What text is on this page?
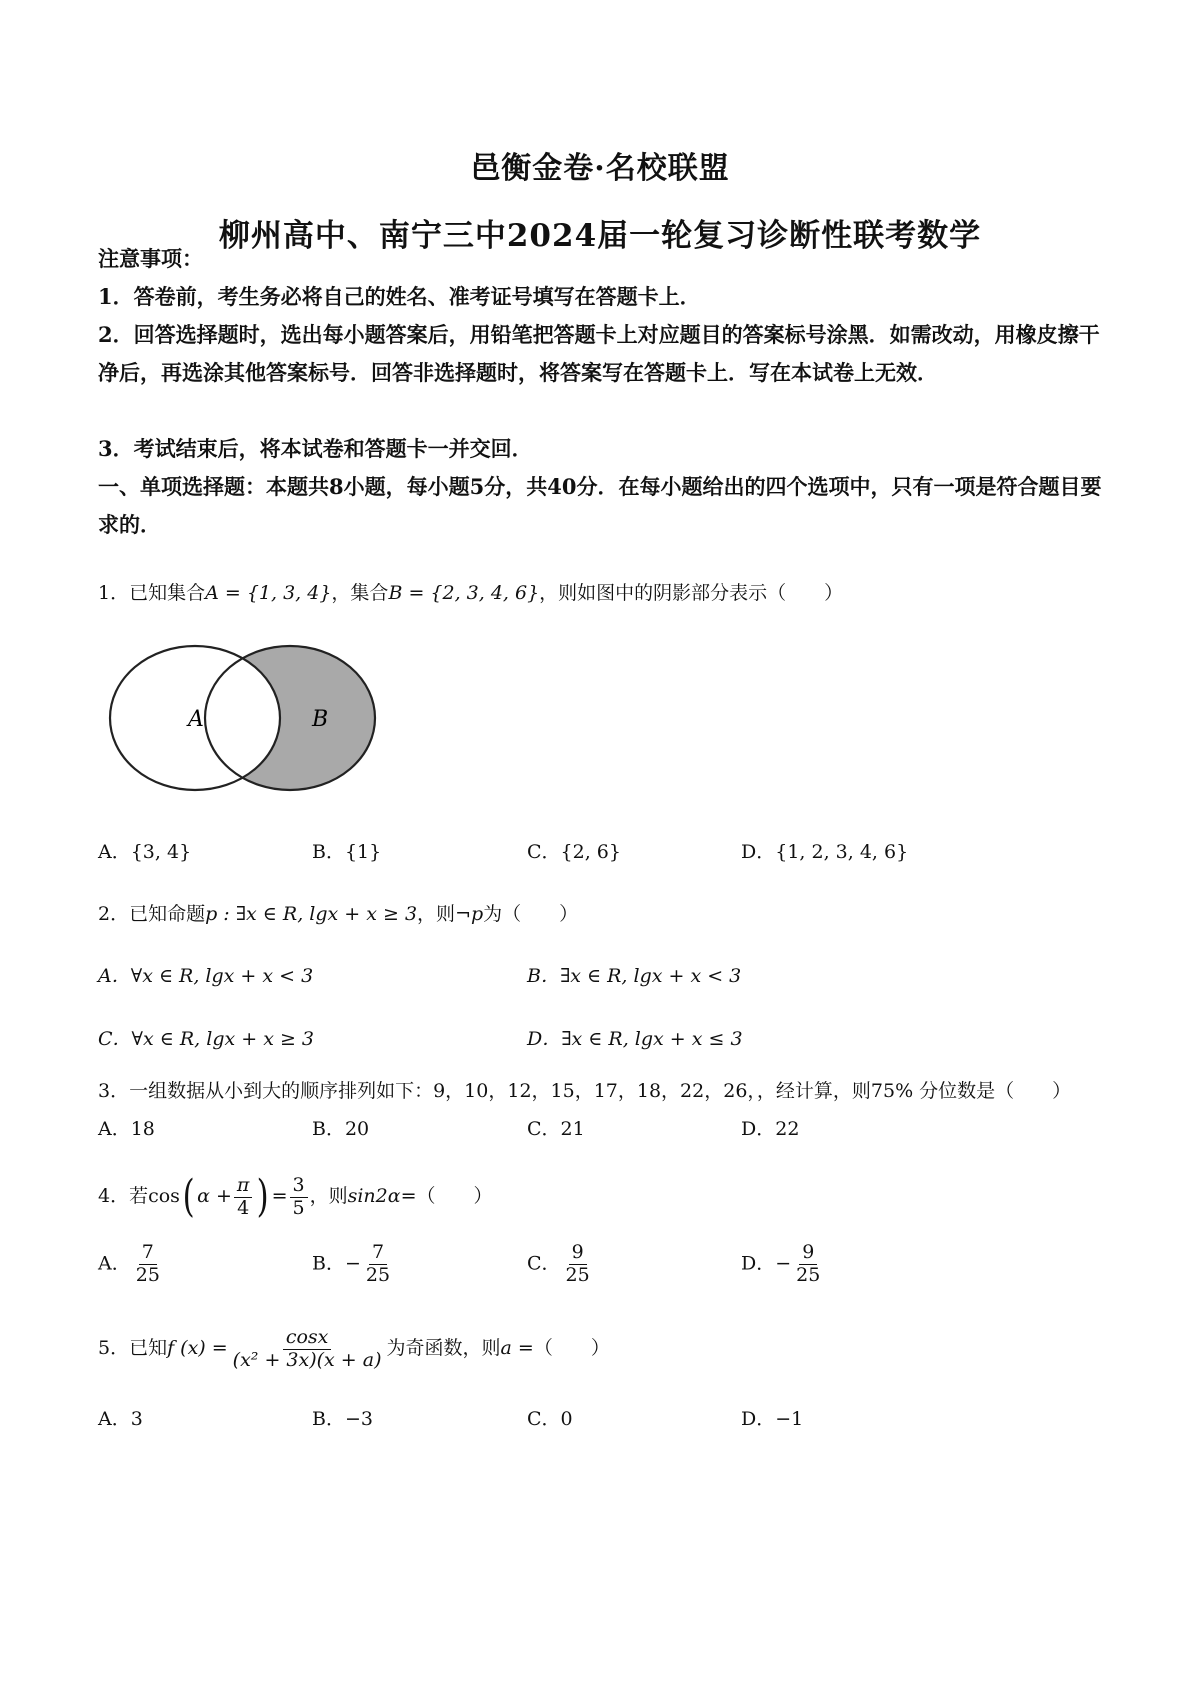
邑衡金卷·名校联盟
柳州高中、南宁三中2024届一轮复习诊断性联考数学
注意事项：
1．答卷前，考生务必将自己的姓名、准考证号填写在答题卡上．
2．回答选择题时，选出每小题答案后，用铅笔把答题卡上对应题目的答案标号涂黑．如需改动，用橡皮擦干净后，再选涂其他答案标号．回答非选择题时，将答案写在答题卡上．写在本试卷上无效．
3．考试结束后，将本试卷和答题卡一并交回．
一、单项选择题：本题共8小题，每小题5分，共40分．在每小题给出的四个选项中，只有一项是符合题目要求的．
1．已知集合A = {1, 3, 4}，集合B = {2, 3, 4, 6}，则如图中的阴影部分表示（　　）
A	B
A．{3, 4}	B．{1}	C．{2, 6}	D．{1, 2, 3, 4, 6}
2．已知命题p : ∃x ∈ R, lgx + x ≥ 3，则¬p为（　　）
A．∀x ∈ R, lgx + x < 3	B．∃x ∈ R, lgx + x < 3
C．∀x ∈ R, lgx + x ≥ 3	D．∃x ∈ R, lgx + x ≤ 3
3．一组数据从小到大的顺序排列如下：9，10，12，15，17，18，22，26，，经计算，则75% 分位数是（　　）
A．18	B．20	C．21	D．22
4．若cos( $\alpha + \frac{\pi}{4}$ ) = $\frac{3}{5}$ ，则sin2α=（　　）
A． $\frac{7}{25}$	B．− $\frac{7}{25}$	C． $\frac{9}{25}$	D．− $\frac{9}{25}$
5．已知f $(x) = \frac{\cos x}{\text{(x² + 3x)(x + a)}}$ 为奇函数，则a =（　　）
A．3	B．−3	C．0	D．−1
